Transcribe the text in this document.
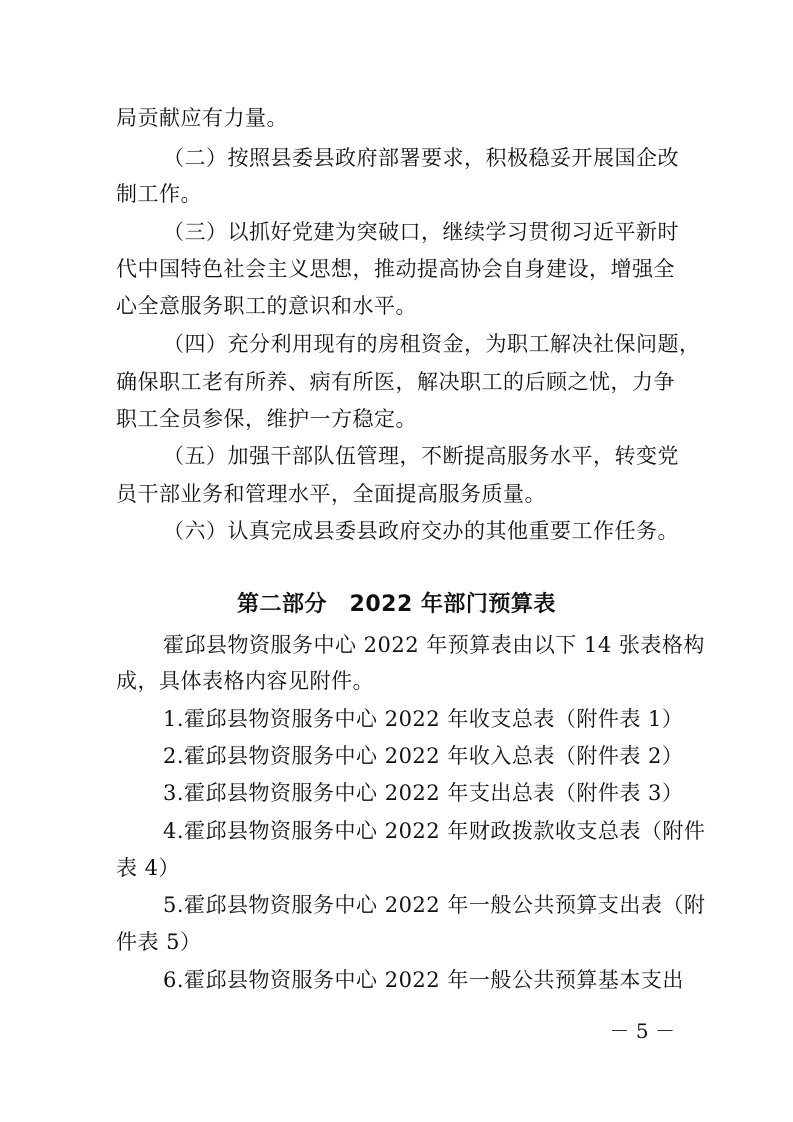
局贡献应有力量。
（二）按照县委县政府部署要求，积极稳妥开展国企改
制工作。
（三）以抓好党建为突破口，继续学习贯彻习近平新时
代中国特色社会主义思想，推动提高协会自身建设，增强全
心全意服务职工的意识和水平。
（四）充分利用现有的房租资金，为职工解决社保问题，
确保职工老有所养、病有所医，解决职工的后顾之忧，力争
职工全员参保，维护一方稳定。
（五）加强干部队伍管理，不断提高服务水平，转变党
员干部业务和管理水平，全面提高服务质量。
（六）认真完成县委县政府交办的其他重要工作任务。
第二部分　2022 年部门预算表
霍邱县物资服务中心 2022 年预算表由以下 14 张表格构
成，具体表格内容见附件。
1.霍邱县物资服务中心 2022 年收支总表（附件表 1）
2.霍邱县物资服务中心 2022 年收入总表（附件表 2）
3.霍邱县物资服务中心 2022 年支出总表（附件表 3）
4.霍邱县物资服务中心 2022 年财政拨款收支总表（附件
表 4）
5.霍邱县物资服务中心 2022 年一般公共预算支出表（附
件表 5）
6.霍邱县物资服务中心 2022 年一般公共预算基本支出
－ 5 －
